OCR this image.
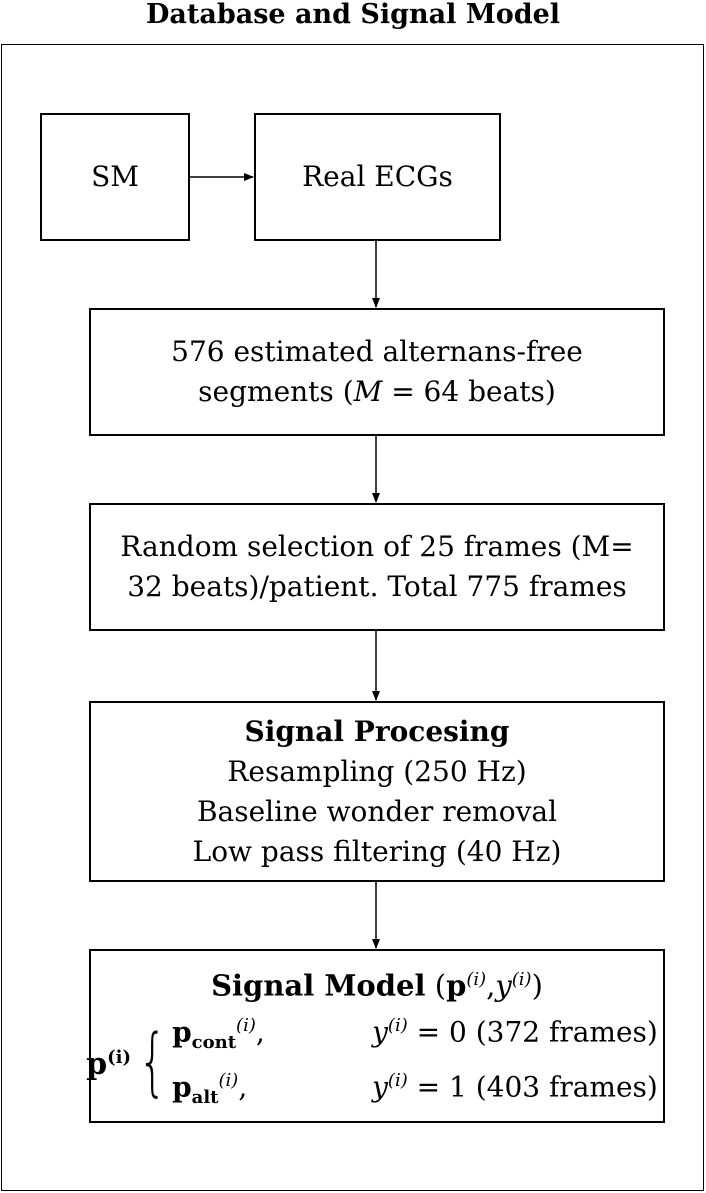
Database and Signal Model
SM	Real ECGs
576 estimated alternans-free
segments (M = 64 beats)
Random selection of 25 frames (M=
32 beats)/patient. Total 775 frames
Signal Procesing
Resampling (250 Hz)
Baseline wonder removal
Low pass filtering (40 Hz)
Signal Model $(p^{(i)},y^{(i)})$
$p^{(i)}$ { $p_{cont}^{(i)}$,	$y^{(i)} = 0$ (372 frames)
$p_{alt}^{(i)}$,	$y^{(i)} = 1$ (403 frames)
